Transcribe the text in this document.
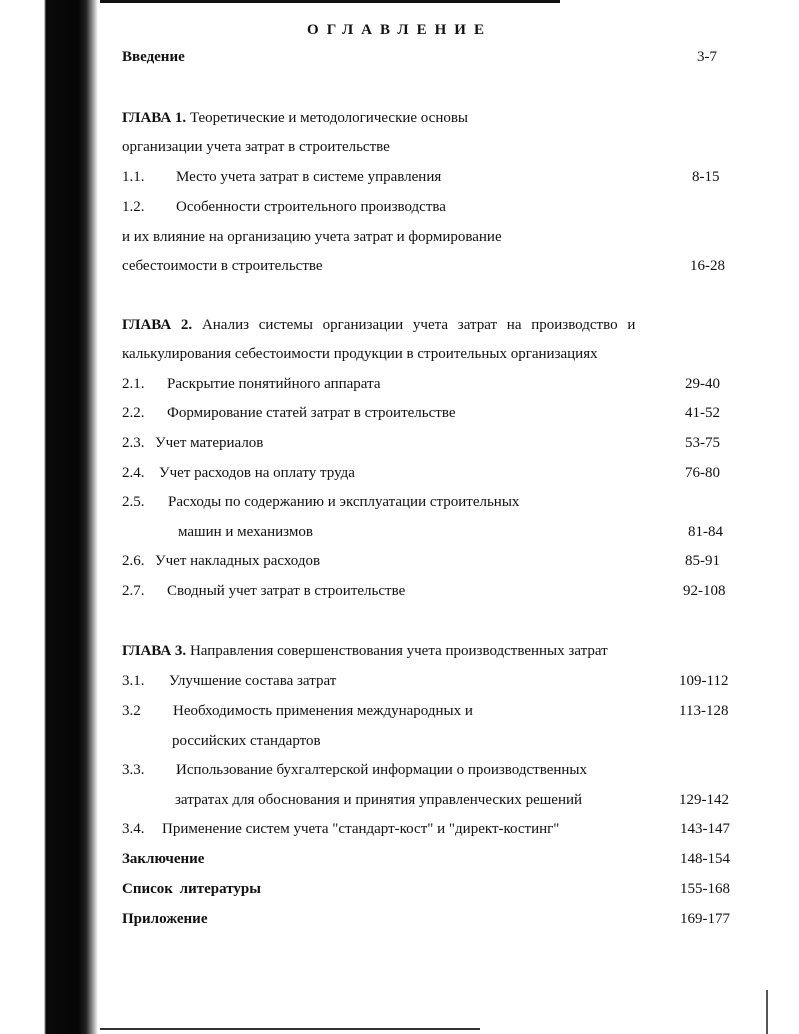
ОГЛАВЛЕНИЕ
Введение	3-7
ГЛАВА 1. Теоретические и методологические основы
организации учета затрат в строительстве
1.1. Место учета затрат в системе управления	8-15
1.2. Особенности строительного производства
и их влияние на организацию учета затрат и формирование
себестоимости в строительстве	16-28
ГЛАВА 2. Анализ системы организации учета затрат на производство и
калькулирования себестоимости продукции в строительных организациях
2.1. Раскрытие понятийного аппарата	29-40
2.2. Формирование статей затрат в строительстве	41-52
2.3. Учет материалов	53-75
2.4. Учет расходов на оплату труда	76-80
2.5. Расходы по содержанию и эксплуатации строительных
машин и механизмов	81-84
2.6. Учет накладных расходов	85-91
2.7. Сводный учет затрат в строительстве	92-108
ГЛАВА 3. Направления совершенствования учета производственных затрат
3.1. Улучшение состава затрат	109-112
3.2 Необходимость применения международных и	113-128
российских стандартов
3.3. Использование бухгалтерской информации о производственных
затратах для обоснования и принятия управленческих решений	129-142
3.4. Применение систем учета "стандарт-кост" и "директ-костинг"	143-147
Заключение	148-154
Список литературы	155-168
Приложение	169-177
